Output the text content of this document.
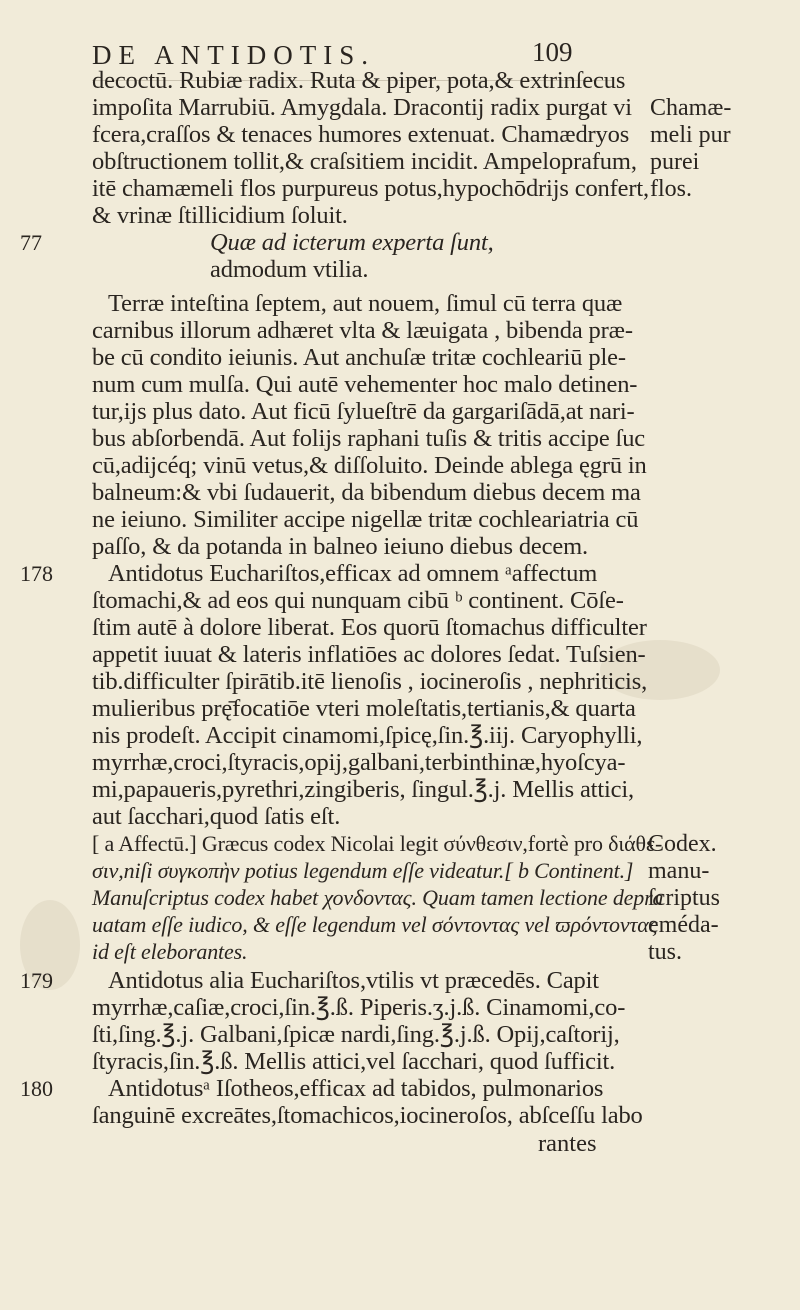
DE ANTIDOTIS.	109
decoctū. Rubiæ radix. Ruta & piper, pota,& extrinſecus
impoſita Marrubiū. Amygdala. Dracontij radix purgat vi
fcera,craſſos & tenaces humores extenuat. Chamædryos
obſtructionem tollit,& craſsitiem incidit. Ampeloprafum,
itē chamæmeli flos purpureus potus,hypochōdrijs confert,
& vrinæ ſtillicidium ſoluit.
Quæ ad icterum experta ſunt,
admodum vtilia.
Terræ inteſtina ſeptem, aut nouem, ſimul cū terra quæ
carnibus illorum adhæret vlta & læuigata , bibenda præ-
be cū condito ieiunis. Aut anchuſæ tritæ cochleariū ple-
num cum mulſa. Qui autē vehementer hoc malo detinen-
tur,ijs plus dato. Aut ficū ſylueſtrē da gargariſādā,at nari-
bus abſorbendā. Aut folijs raphani tuſis & tritis accipe ſuc
cū,adijcéq; vinū vetus,& diſſoluito. Deinde ablega ęgrū in
balneum:& vbi ſudauerit, da bibendum diebus decem ma
ne ieiuno. Similiter accipe nigellæ tritæ cochleariatria cū
paſſo, & da potanda in balneo ieiuno diebus decem.
Antidotus Euchariſtos,efficax ad omnem ᵃaffectum
ſtomachi,& ad eos qui nunquam cibū ᵇ continent. Cōſe-
ſtim autē à dolore liberat. Eos quorū ſtomachus difficulter
appetit iuuat & lateris inflatiōes ac dolores ſedat. Tuſsien-
tib.difficulter ſpirātib.itē lienoſis , iocineroſis , nephriticis,
mulieribus prę̄focatiōe vteri moleſtatis,tertianis,& quarta
nis prodeſt. Accipit cinamomi,ſpicę,ſin.℥.iij. Caryophylli,
myrrhæ,croci,ſtyracis,opij,galbani,terbinthinæ,hyoſcya-
mi,papaueris,pyrethri,zingiberis, ſingul.℥.j. Mellis attici,
aut ſacchari,quod ſatis eſt.
[ a Affectū.] Græcus codex Nicolai legit σύνθεσιν,fortè pro διάθε-
σιν,niſi συγκοπὴν potius legendum eſſe videatur.[ b Continent.]
Manuſcriptus codex habet χονδοντας. Quam tamen lectione depra
uatam eſſe iudico, & eſſe legendum vel σόντοντας vel ϖρόντοντας
id eſt eleborantes.
Antidotus alia Euchariſtos,vtilis vt præcedēs. Capit
myrrhæ,caſiæ,croci,ſin.℥.ß. Piperis.ʒ.j.ß. Cinamomi,co-
ſti,ſing.℥.j. Galbani,ſpicæ nardi,ſing.℥.j.ß. Opij,caſtorij,
ſtyracis,ſin.℥.ß. Mellis attici,vel ſacchari, quod ſufficit.
Antidotusᵃ Iſotheos,efficax ad tabidos, pulmonarios
ſanguinē excreātes,ſtomachicos,iocineroſos, abſceſſu labo
rantes
77
178
179
180
Chamæ-
meli pur
purei
flos.
Codex.
manu-
ſcriptus
eméda-
tus.
